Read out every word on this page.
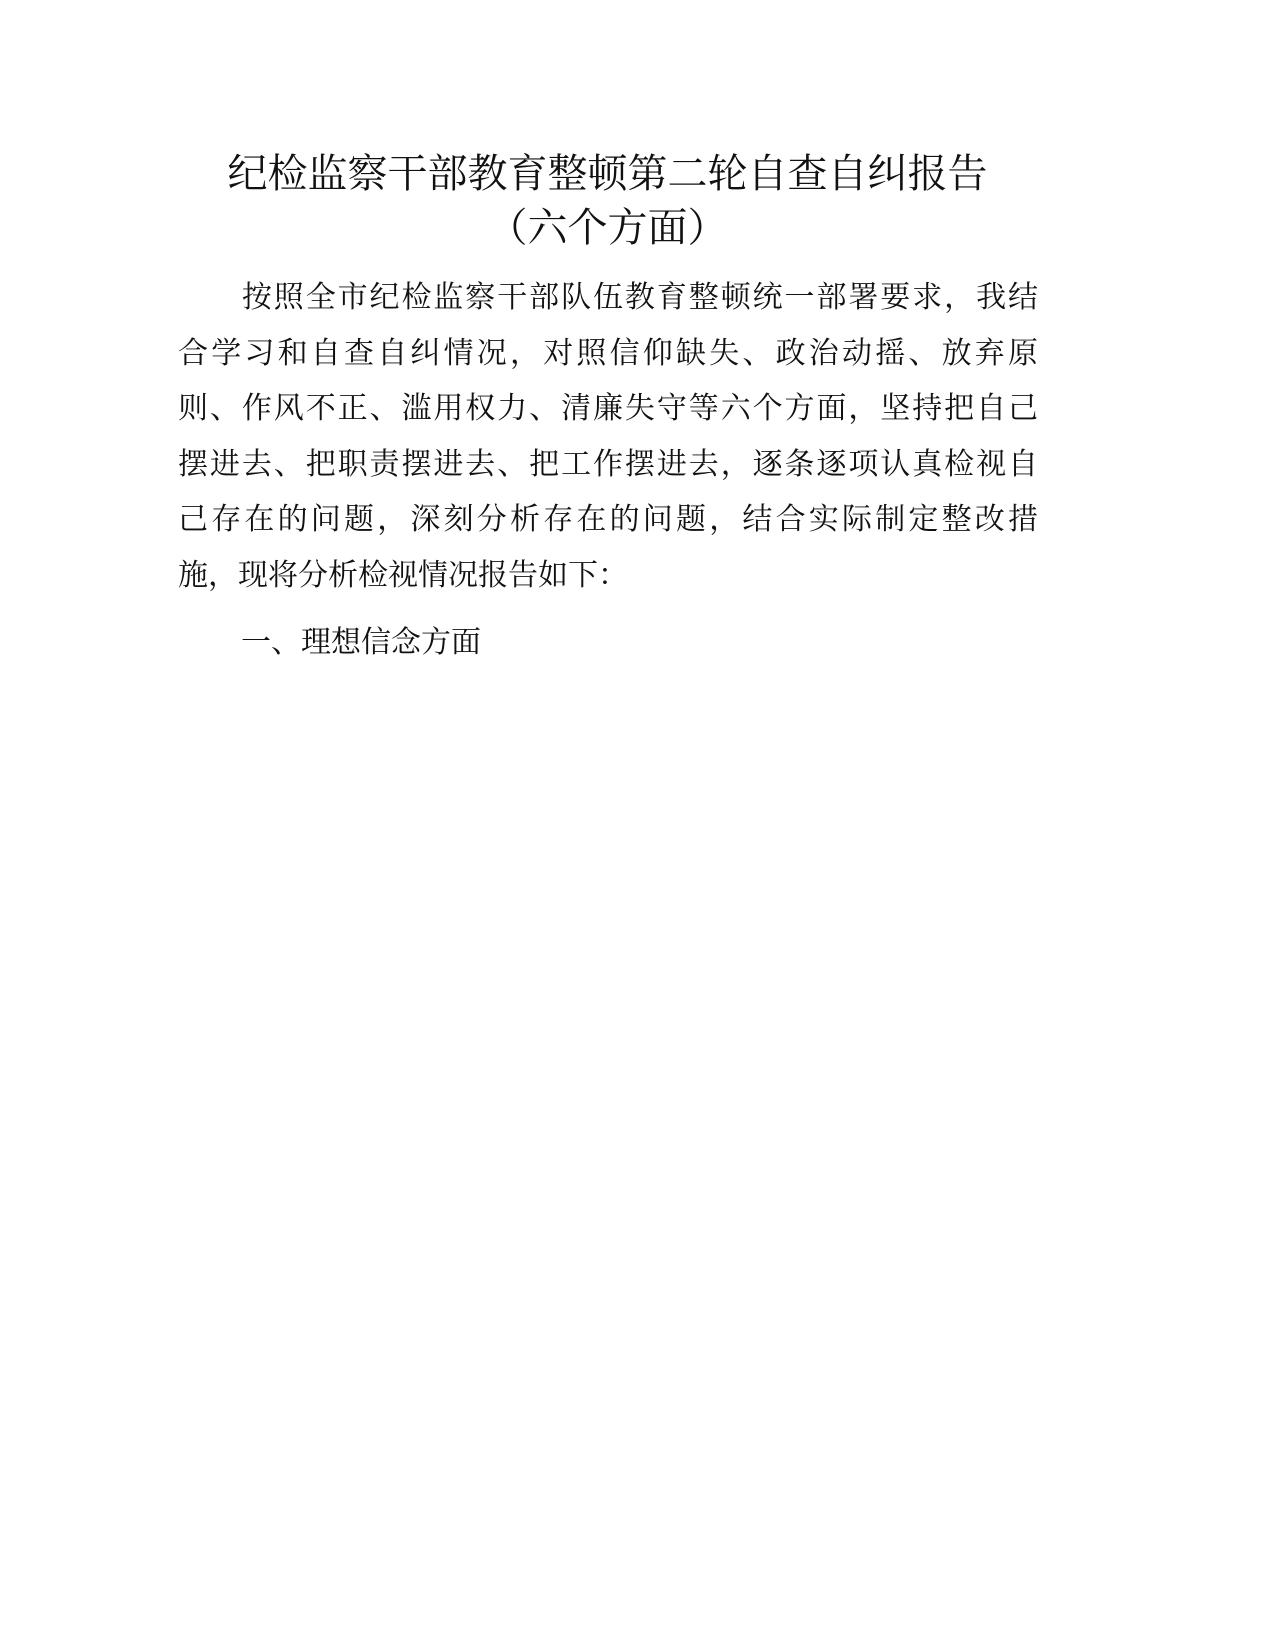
纪检监察干部教育整顿第二轮自查自纠报告
（六个方面）
　　按照全市纪检监察干部队伍教育整顿统一部署要求，我结
合学习和自查自纠情况，对照信仰缺失、政治动摇、放弃原
则、作风不正、滥用权力、清廉失守等六个方面，坚持把自己
摆进去、把职责摆进去、把工作摆进去，逐条逐项认真检视自
己存在的问题，深刻分析存在的问题，结合实际制定整改措
施，现将分析检视情况报告如下：
一、理想信念方面
